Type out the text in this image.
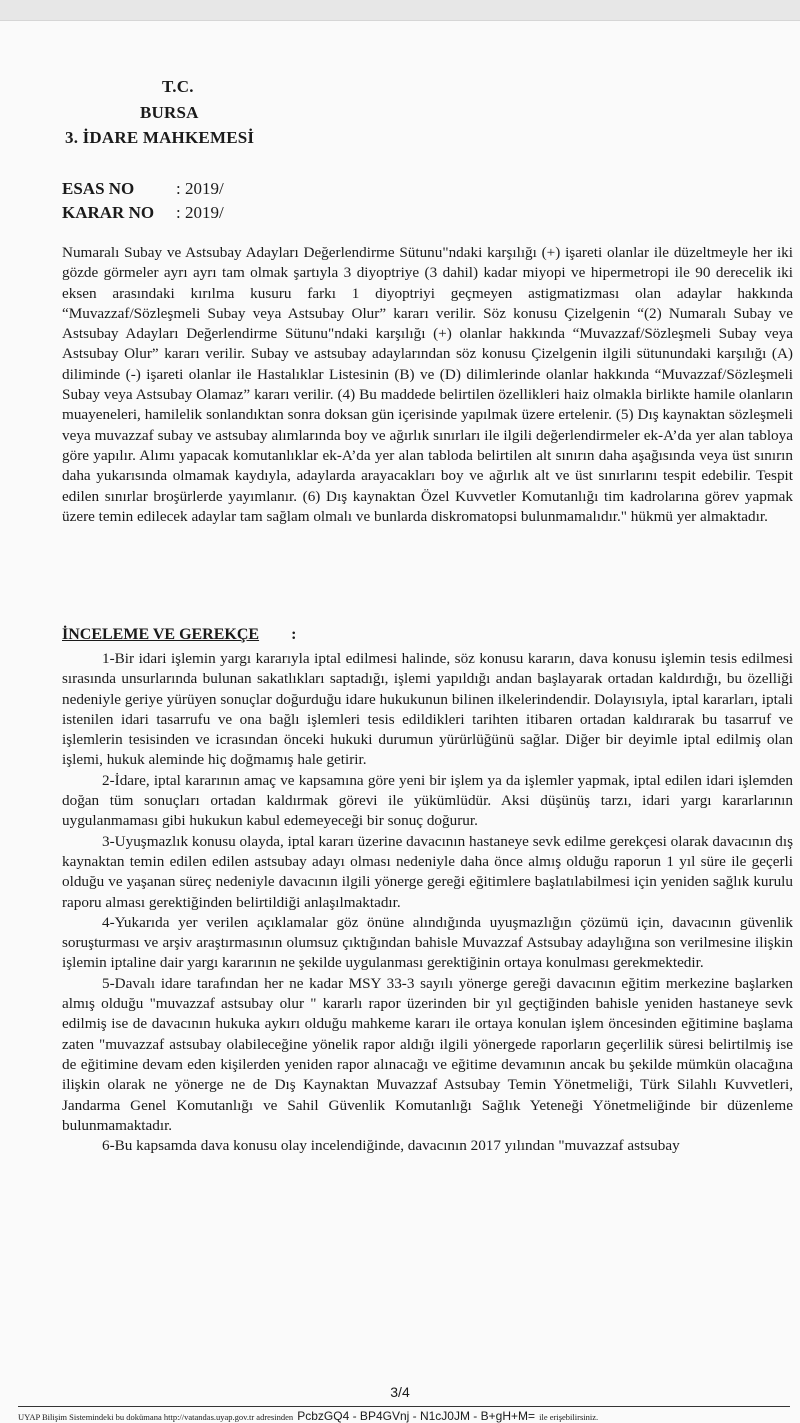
T.C.
BURSA
3. İDARE MAHKEMESİ
ESAS NO : 2019/
KARAR NO : 2019/

Numaralı Subay ve Astsubay Adayları Değerlendirme Sütunu"ndaki karşılığı (+) işareti olanlar ile düzeltmeyle her iki gözde görmeler ayrı ayrı tam olmak şartıyla 3 diyoptriye (3 dahil) kadar miyopi ve hipermetropi ile 90 derecelik iki eksen arasındaki kırılma kusuru farkı 1 diyoptriyi geçmeyen astigmatizması olan adaylar hakkında “Muvazzaf/Sözleşmeli Subay veya Astsubay Olur” kararı verilir. Söz konusu Çizelgenin “(2) Numaralı Subay ve Astsubay Adayları Değerlendirme Sütunu"ndaki karşılığı (+) olanlar hakkında “Muvazzaf/Sözleşmeli Subay veya Astsubay Olur” kararı verilir. Subay ve astsubay adaylarından söz konusu Çizelgenin ilgili sütunundaki karşılığı (A) diliminde (-) işareti olanlar ile Hastalıklar Listesinin (B) ve (D) dilimlerinde olanlar hakkında “Muvazzaf/Sözleşmeli Subay veya Astsubay Olamaz” kararı verilir. (4) Bu maddede belirtilen özellikleri haiz olmakla birlikte hamile olanların muayeneleri, hamilelik sonlandıktan sonra doksan gün içerisinde yapılmak üzere ertelenir. (5) Dış kaynaktan sözleşmeli veya muvazzaf subay ve astsubay alımlarında boy ve ağırlık sınırları ile ilgili değerlendirmeler ek-A’da yer alan tabloya göre yapılır. Alımı yapacak komutanlıklar ek-A’da yer alan tabloda belirtilen alt sınırın daha aşağısında veya üst sınırın daha yukarısında olmamak kaydıyla, adaylarda arayacakları boy ve ağırlık alt ve üst sınırlarını tespit edebilir. Tespit edilen sınırlar broşürlerde yayımlanır. (6) Dış kaynaktan Özel Kuvvetler Komutanlığı tim kadrolarına görev yapmak üzere temin edilecek adaylar tam sağlam olmalı ve bunlarda diskromatopsi bulunmamalıdır." hükmü yer almaktadır.

İNCELEME VE GEREKÇE :

1-Bir idari işlemin yargı kararıyla iptal edilmesi halinde, söz konusu kararın, dava konusu işlemin tesis edilmesi sırasında unsurlarında bulunan sakatlıkları saptadığı, işlemi yapıldığı andan başlayarak ortadan kaldırdığı, bu özelliği nedeniyle geriye yürüyen sonuçlar doğurduğu idare hukukunun bilinen ilkelerindendir. Dolayısıyla, iptal kararları, iptali istenilen idari tasarrufu ve ona bağlı işlemleri tesis edildikleri tarihten itibaren ortadan kaldırarak bu tasarruf ve işlemlerin tesisinden ve icrasından önceki hukuki durumun yürürlüğünü sağlar. Diğer bir deyimle iptal edilmiş olan işlemi, hukuk aleminde hiç doğmamış hale getirir.

2-İdare, iptal kararının amaç ve kapsamına göre yeni bir işlem ya da işlemler yapmak, iptal edilen idari işlemden doğan tüm sonuçları ortadan kaldırmak görevi ile yükümlüdür. Aksi düşünüş tarzı, idari yargı kararlarının uygulanmaması gibi hukukun kabul edemeyeceği bir sonuç doğurur.

3-Uyuşmazlık konusu olayda, iptal kararı üzerine davacının hastaneye sevk edilme gerekçesi olarak davacının dış kaynaktan temin edilen edilen astsubay adayı olması nedeniyle daha önce almış olduğu raporun 1 yıl süre ile geçerli olduğu ve yaşanan süreç nedeniyle davacının ilgili yönerge gereği eğitimlere başlatılabilmesi için yeniden sağlık kurulu raporu alması gerektiğinden belirtildiği anlaşılmaktadır.

4-Yukarıda yer verilen açıklamalar göz önüne alındığında uyuşmazlığın çözümü için, davacının güvenlik soruşturması ve arşiv araştırmasının olumsuz çıktığından bahisle Muvazzaf Astsubay adaylığına son verilmesine ilişkin işlemin iptaline dair yargı kararının ne şekilde uygulanması gerektiğinin ortaya konulması gerekmektedir.

5-Davalı idare tarafından her ne kadar MSY 33-3 sayılı yönerge gereği davacının eğitim merkezine başlarken almış olduğu "muvazzaf astsubay olur " kararlı rapor üzerinden bir yıl geçtiğinden bahisle yeniden hastaneye sevk edilmiş ise de davacının hukuka aykırı olduğu mahkeme kararı ile ortaya konulan işlem öncesinden eğitimine başlama zaten "muvazzaf astsubay olabileceğine yönelik rapor aldığı ilgili yönergede raporların geçerlilik süresi belirtilmiş ise de eğitimine devam eden kişilerden yeniden rapor alınacağı ve eğitime devamının ancak bu şekilde mümkün olacağına ilişkin olarak ne yönerge ne de Dış Kaynaktan Muvazzaf Astsubay Temin Yönetmeliği, Türk Silahlı Kuvvetleri, Jandarma Genel Komutanlığı ve Sahil Güvenlik Komutanlığı Sağlık Yeteneği Yönetmeliğinde bir düzenleme bulunmamaktadır.

6-Bu kapsamda dava konusu olay incelendiğinde, davacının 2017 yılından "muvazzaf astsubay

3/4
UYAP Bilişim Sistemindeki bu dokümana http://vatandas.uyap.gov.tr adresinden PcbzGQ4 - BP4GVnj - N1cJ0JM - B+gH+M= ile erişebilirsiniz.
